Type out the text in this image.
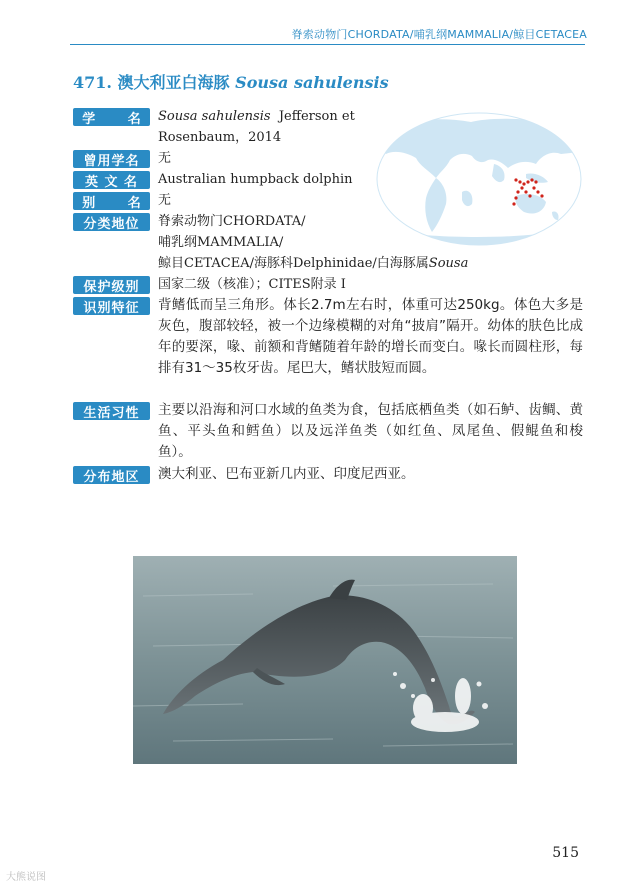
脊索动物门CHORDATA/哺乳纲MAMMALIA/鲸目CETACEA
471. 澳大利亚白海豚 Sousa sahulensis
学 名 Sousa sahulensis Jefferson et
Rosenbaum，2014
曾用学名	无
英 文 名	Australian humpback dolphin
别 名 无
分类地位	脊索动物门CHORDATA/
哺乳纲MAMMALIA/
鲸目CETACEA/海豚科Delphinidae/白海豚属Sousa
保护级别	国家二级（核准）；CITES附录 Ⅰ
识别特征	背鳍低而呈三角形。体长2.7m左右时，体重可达250kg。体色大多是灰色，腹部较轻，被一个边缘模糊的对角“披肩”隔开。幼体的肤色比成年的要深，喙、前额和背鳍随着年龄的增长而变白。喙长而圆柱形，每排有31～35枚牙齿。尾巴大，鳍状肢短而圆。
生活习性	主要以沿海和河口水域的鱼类为食，包括底栖鱼类（如石鲈、齿鲷、黄鱼、平头鱼和鳕鱼）以及远洋鱼类（如红鱼、凤尾鱼、假鲲鱼和梭鱼）。
分布地区	澳大利亚、巴布亚新几内亚、印度尼西亚。
515
大熊说图
